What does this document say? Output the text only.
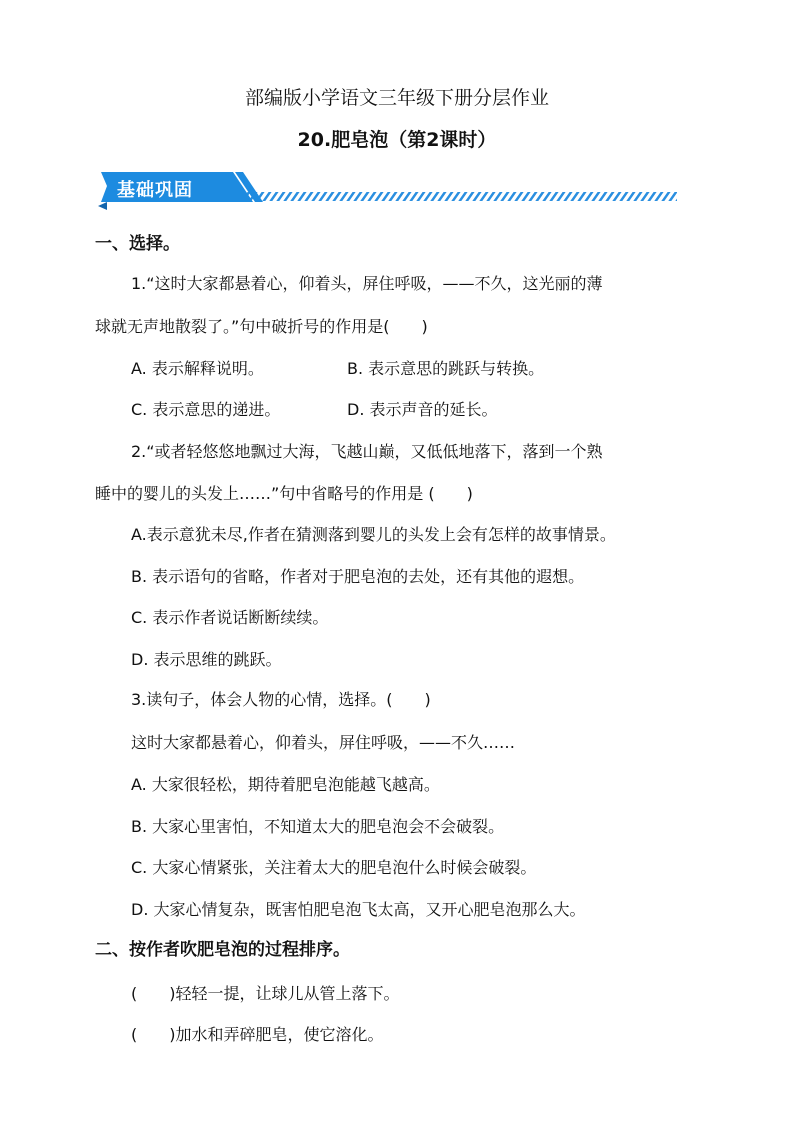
部编版小学语文三年级下册分层作业
20.肥皂泡（第2课时）
基础巩固
一、选择。
1.“这时大家都悬着心，仰着头，屏住呼吸，——不久，这光丽的薄
球就无声地散裂了。”句中破折号的作用是(　　)
A. 表示解释说明。	B. 表示意思的跳跃与转换。
C. 表示意思的递进。	D. 表示声音的延长。
2.“或者轻悠悠地飘过大海，飞越山巅，又低低地落下，落到一个熟
睡中的婴儿的头发上……”句中省略号的作用是 (　　)
A.表示意犹未尽,作者在猜测落到婴儿的头发上会有怎样的故事情景。
B. 表示语句的省略，作者对于肥皂泡的去处，还有其他的遐想。
C. 表示作者说话断断续续。
D. 表示思维的跳跃。
3.读句子，体会人物的心情，选择。(　　)
这时大家都悬着心，仰着头，屏住呼吸，——不久……
A. 大家很轻松，期待着肥皂泡能越飞越高。
B. 大家心里害怕，不知道太大的肥皂泡会不会破裂。
C. 大家心情紧张，关注着太大的肥皂泡什么时候会破裂。
D. 大家心情复杂，既害怕肥皂泡飞太高，又开心肥皂泡那么大。
二、按作者吹肥皂泡的过程排序。
(　　)轻轻一提，让球儿从管上落下。
(　　)加水和弄碎肥皂，使它溶化。
